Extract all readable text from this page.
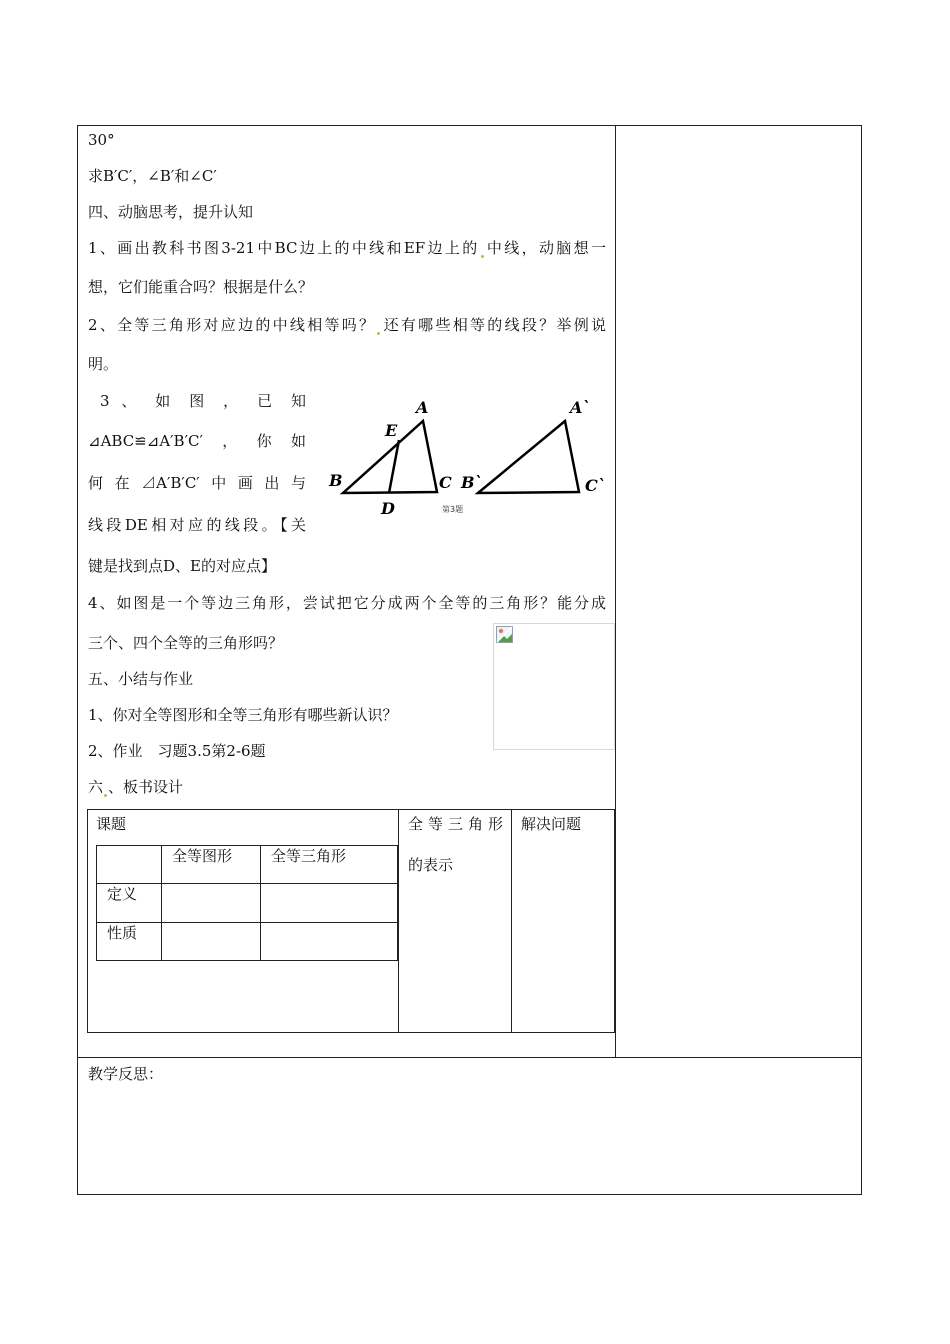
30°
求B′C′，∠B′和∠C′
四、动脑思考，提升认知
1、画出教科书图3-21中BC边上的中线和EF边上的 中线，动脑想一
想，它们能重合吗？根据是什么？
2、全等三角形对应边的中线相等吗？ 还有哪些相等的线段？举例说
明。
3 、 如 图 ， 已 知
⊿ABC≌⊿A′B′C′，你如
何在⊿A′B′C′中画出与
线段DE相对应的线段。【关
键是找到点D、E的对应点】
A
E
B	C
D
A`
B`	C`
第3题
4、如图是一个等边三角形，尝试把它分成两个全等的三角形？能分成
三个、四个全等的三角形吗？
五、小结与作业
1、你对全等图形和全等三角形有哪些新认识？
2、作业　习题3.5第2-6题
六 、板书设计
课题	全等三角形
的表示
解决问题
	全等图形	全等三角形
定义		
性质		
教学反思：
